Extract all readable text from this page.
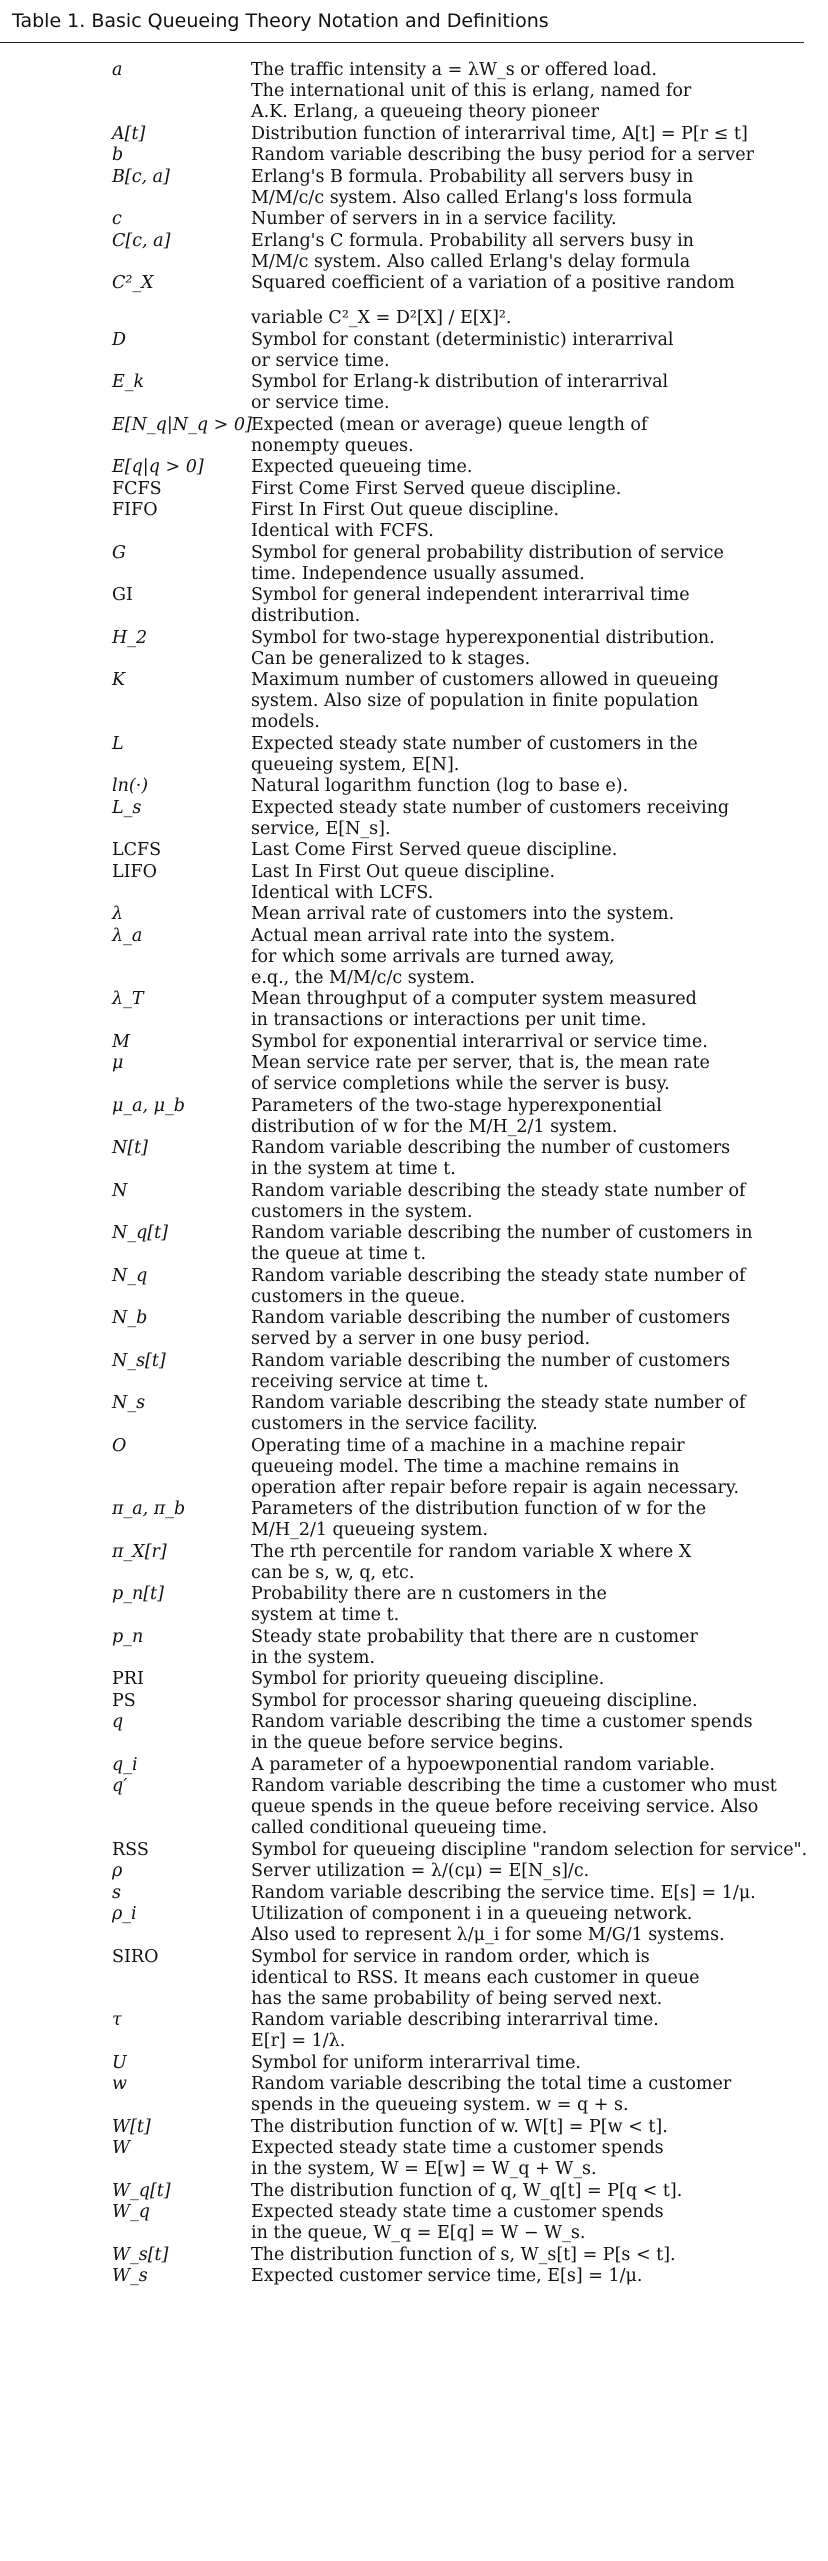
Table 1. Basic Queueing Theory Notation and Definitions
a	The traffic intensity a = λW_s or offered load.
The international unit of this is erlang, named for
A.K. Erlang, a queueing theory pioneer
A[t]	Distribution function of interarrival time, A[t] = P[r ≤ t]
b	Random variable describing the busy period for a server
B[c, a]	Erlang's B formula. Probability all servers busy in
M/M/c/c system. Also called Erlang's loss formula
c	Number of servers in in a service facility.
C[c, a]	Erlang's C formula. Probability all servers busy in
M/M/c system. Also called Erlang's delay formula
C²_X	Squared coefficient of a variation of a positive random
variable C²_X = D²[X] / E[X]².
D	Symbol for constant (deterministic) interarrival
or service time.
E_k	Symbol for Erlang-k distribution of interarrival
or service time.
E[N_q|N_q > 0] Expected (mean or average) queue length of
nonempty queues.
E[q|q > 0]	Expected queueing time.
FCFS	First Come First Served queue discipline.
FIFO	First In First Out queue discipline.
Identical with FCFS.
G	Symbol for general probability distribution of service
time. Independence usually assumed.
GI	Symbol for general independent interarrival time
distribution.
H_2	Symbol for two-stage hyperexponential distribution.
Can be generalized to k stages.
K	Maximum number of customers allowed in queueing
system. Also size of population in finite population
models.
L	Expected steady state number of customers in the
queueing system, E[N].
ln(·)	Natural logarithm function (log to base e).
L_s	Expected steady state number of customers receiving
service, E[N_s].
LCFS	Last Come First Served queue discipline.
LIFO	Last In First Out queue discipline.
Identical with LCFS.
λ	Mean arrival rate of customers into the system.
λ_a	Actual mean arrival rate into the system.
for which some arrivals are turned away,
e.q., the M/M/c/c system.
λ_T	Mean throughput of a computer system measured
in transactions or interactions per unit time.
M	Symbol for exponential interarrival or service time.
μ	Mean service rate per server, that is, the mean rate
of service completions while the server is busy.
μ_a, μ_b	Parameters of the two-stage hyperexponential
distribution of w for the M/H_2/1 system.
N[t]	Random variable describing the number of customers
in the system at time t.
N	Random variable describing the steady state number of
customers in the system.
N_q[t]	Random variable describing the number of customers in
the queue at time t.
N_q	Random variable describing the steady state number of
customers in the queue.
N_b	Random variable describing the number of customers
served by a server in one busy period.
N_s[t]	Random variable describing the number of customers
receiving service at time t.
N_s	Random variable describing the steady state number of
customers in the service facility.
O	Operating time of a machine in a machine repair
queueing model. The time a machine remains in
operation after repair before repair is again necessary.
π_a, π_b	Parameters of the distribution function of w for the
M/H_2/1 queueing system.
π_X[r]	The rth percentile for random variable X where X
can be s, w, q, etc.
p_n[t]	Probability there are n customers in the
system at time t.
p_n	Steady state probability that there are n customer
in the system.
PRI	Symbol for priority queueing discipline.
PS	Symbol for processor sharing queueing discipline.
q	Random variable describing the time a customer spends
in the queue before service begins.
q_i	A parameter of a hypoewponential random variable.
q′	Random variable describing the time a customer who must
queue spends in the queue before receiving service. Also
called conditional queueing time.
RSS	Symbol for queueing discipline "random selection for service".
ρ	Server utilization = λ/(cμ) = E[N_s]/c.
s	Random variable describing the service time. E[s] = 1/μ.
ρ_i	Utilization of component i in a queueing network.
Also used to represent λ/μ_i for some M/G/1 systems.
SIRO	Symbol for service in random order, which is
identical to RSS. It means each customer in queue
has the same probability of being served next.
τ	Random variable describing interarrival time.
E[r] = 1/λ.
U	Symbol for uniform interarrival time.
w	Random variable describing the total time a customer
spends in the queueing system. w = q + s.
W[t]	The distribution function of w. W[t] = P[w < t].
W	Expected steady state time a customer spends
in the system, W = E[w] = W_q + W_s.
W_q[t]	The distribution function of q, W_q[t] = P[q < t].
W_q	Expected steady state time a customer spends
in the queue, W_q = E[q] = W − W_s.
W_s[t]	The distribution function of s, W_s[t] = P[s < t].
W_s	Expected customer service time, E[s] = 1/μ.
